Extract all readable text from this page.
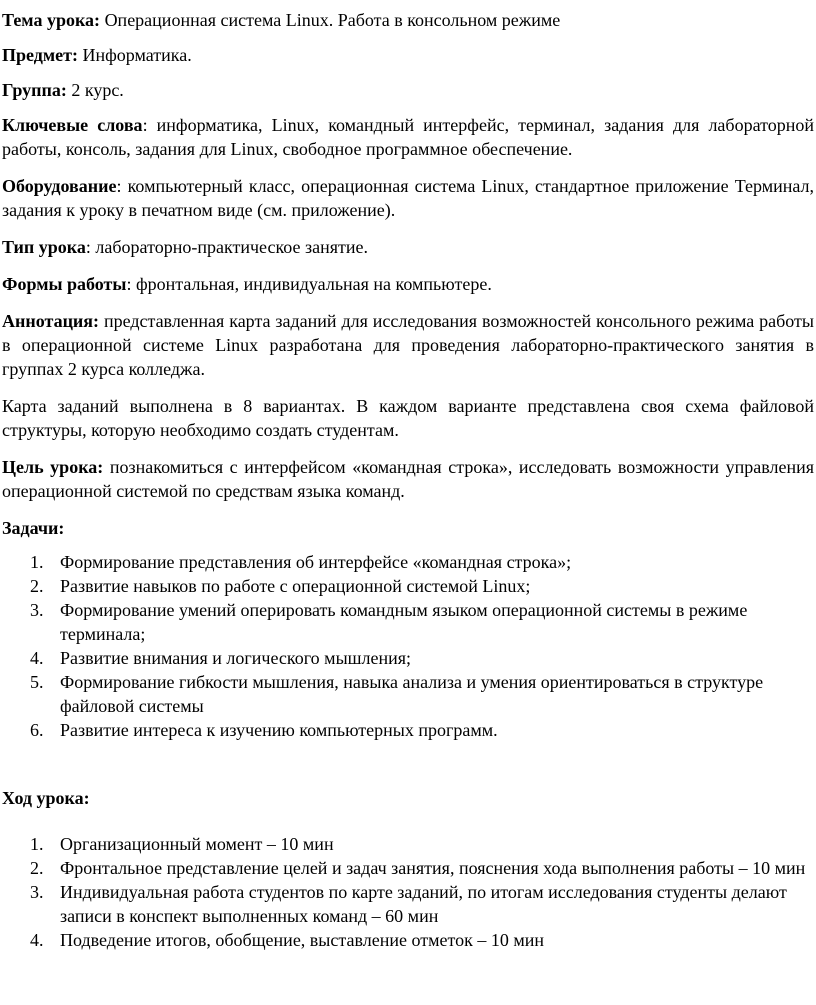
Тема урока: Операционная система Linux. Работа в консольном режиме

Предмет: Информатика.

Группа: 2 курс.

Ключевые слова: информатика, Linux, командный интерфейс, терминал, задания для лабораторной работы, консоль, задания для Linux, свободное программное обеспечение.

Оборудование: компьютерный класс, операционная система Linux, стандартное приложение Терминал, задания к уроку в печатном виде (см. приложение).

Тип урока: лабораторно-практическое занятие.

Формы работы: фронтальная, индивидуальная на компьютере.

Аннотация: представленная карта заданий для исследования возможностей консольного режима работы в операционной системе Linux разработана для проведения лабораторно-практического занятия в группах 2 курса колледжа.

Карта заданий выполнена в 8 вариантах. В каждом варианте представлена своя схема файловой структуры, которую необходимо создать студентам.

Цель урока: познакомиться с интерфейсом «командная строка», исследовать возможности управления операционной системой по средствам языка команд.

Задачи:

1. Формирование представления об интерфейсе «командная строка»;
2. Развитие навыков по работе с операционной системой Linux;
3. Формирование умений оперировать командным языком операционной системы в режиме терминала;
4. Развитие внимания и логического мышления;
5. Формирование гибкости мышления, навыка анализа и умения ориентироваться в структуре файловой системы
6. Развитие интереса к изучению компьютерных программ.

Ход урока:

1. Организационный момент – 10 мин
2. Фронтальное представление целей и задач занятия, пояснения хода выполнения работы – 10 мин
3. Индивидуальная работа студентов по карте заданий, по итогам исследования студенты делают записи в конспект выполненных команд – 60 мин
4. Подведение итогов, обобщение, выставление отметок – 10 мин
